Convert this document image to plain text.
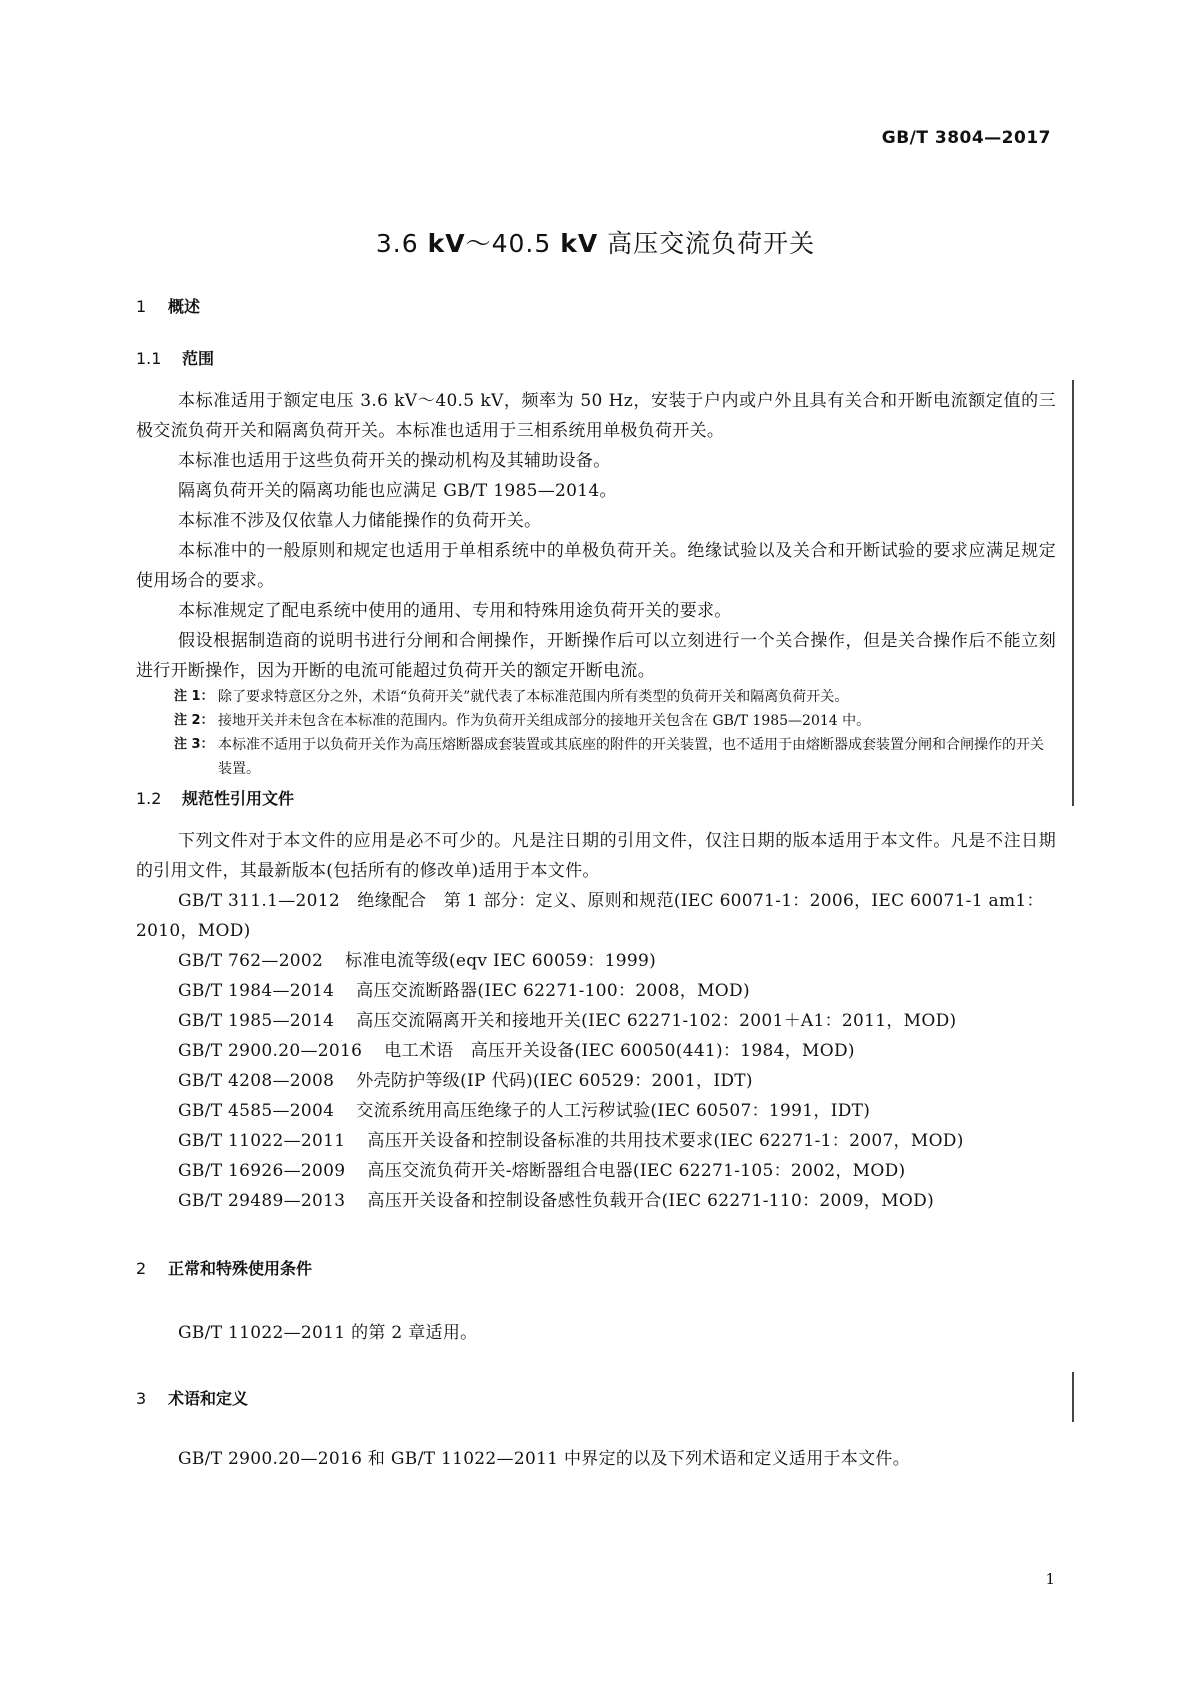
GB/T 3804—2017
3.6 kV～40.5 kV 高压交流负荷开关
1 概述
1.1 范围
本标准适用于额定电压 3.6 kV～40.5 kV，频率为 50 Hz，安装于户内或户外且具有关合和开断电流额定值的三极交流负荷开关和隔离负荷开关。本标准也适用于三相系统用单极负荷开关。
本标准也适用于这些负荷开关的操动机构及其辅助设备。
隔离负荷开关的隔离功能也应满足 GB/T 1985—2014。
本标准不涉及仅依靠人力储能操作的负荷开关。
本标准中的一般原则和规定也适用于单相系统中的单极负荷开关。绝缘试验以及关合和开断试验的要求应满足规定使用场合的要求。
本标准规定了配电系统中使用的通用、专用和特殊用途负荷开关的要求。
假设根据制造商的说明书进行分闸和合闸操作，开断操作后可以立刻进行一个关合操作，但是关合操作后不能立刻进行开断操作，因为开断的电流可能超过负荷开关的额定开断电流。
注 1： 除了要求特意区分之外，术语“负荷开关”就代表了本标准范围内所有类型的负荷开关和隔离负荷开关。
注 2： 接地开关并未包含在本标准的范围内。作为负荷开关组成部分的接地开关包含在 GB/T 1985—2014 中。
注 3： 本标准不适用于以负荷开关作为高压熔断器成套装置或其底座的附件的开关装置，也不适用于由熔断器成套装置分闸和合闸操作的开关装置。
1.2 规范性引用文件
下列文件对于本文件的应用是必不可少的。凡是注日期的引用文件，仅注日期的版本适用于本文件。凡是不注日期的引用文件，其最新版本(包括所有的修改单)适用于本文件。
GB/T 311.1—2012　绝缘配合　第 1 部分：定义、原则和规范(IEC 60071-1：2006，IEC 60071-1 am1：2010，MOD)
GB/T 762—2002 标准电流等级(eqv IEC 60059：1999)
GB/T 1984—2014 高压交流断路器(IEC 62271-100：2008，MOD)
GB/T 1985—2014 高压交流隔离开关和接地开关(IEC 62271-102：2001＋A1：2011，MOD)
GB/T 2900.20—2016 电工术语　高压开关设备(IEC 60050(441)：1984，MOD)
GB/T 4208—2008 外壳防护等级(IP 代码)(IEC 60529：2001，IDT)
GB/T 4585—2004 交流系统用高压绝缘子的人工污秽试验(IEC 60507：1991，IDT)
GB/T 11022—2011 高压开关设备和控制设备标准的共用技术要求(IEC 62271-1：2007，MOD)
GB/T 16926—2009 高压交流负荷开关-熔断器组合电器(IEC 62271-105：2002，MOD)
GB/T 29489—2013 高压开关设备和控制设备感性负载开合(IEC 62271-110：2009，MOD)
2 正常和特殊使用条件
GB/T 11022—2011 的第 2 章适用。
3 术语和定义
GB/T 2900.20—2016 和 GB/T 11022—2011 中界定的以及下列术语和定义适用于本文件。
1
